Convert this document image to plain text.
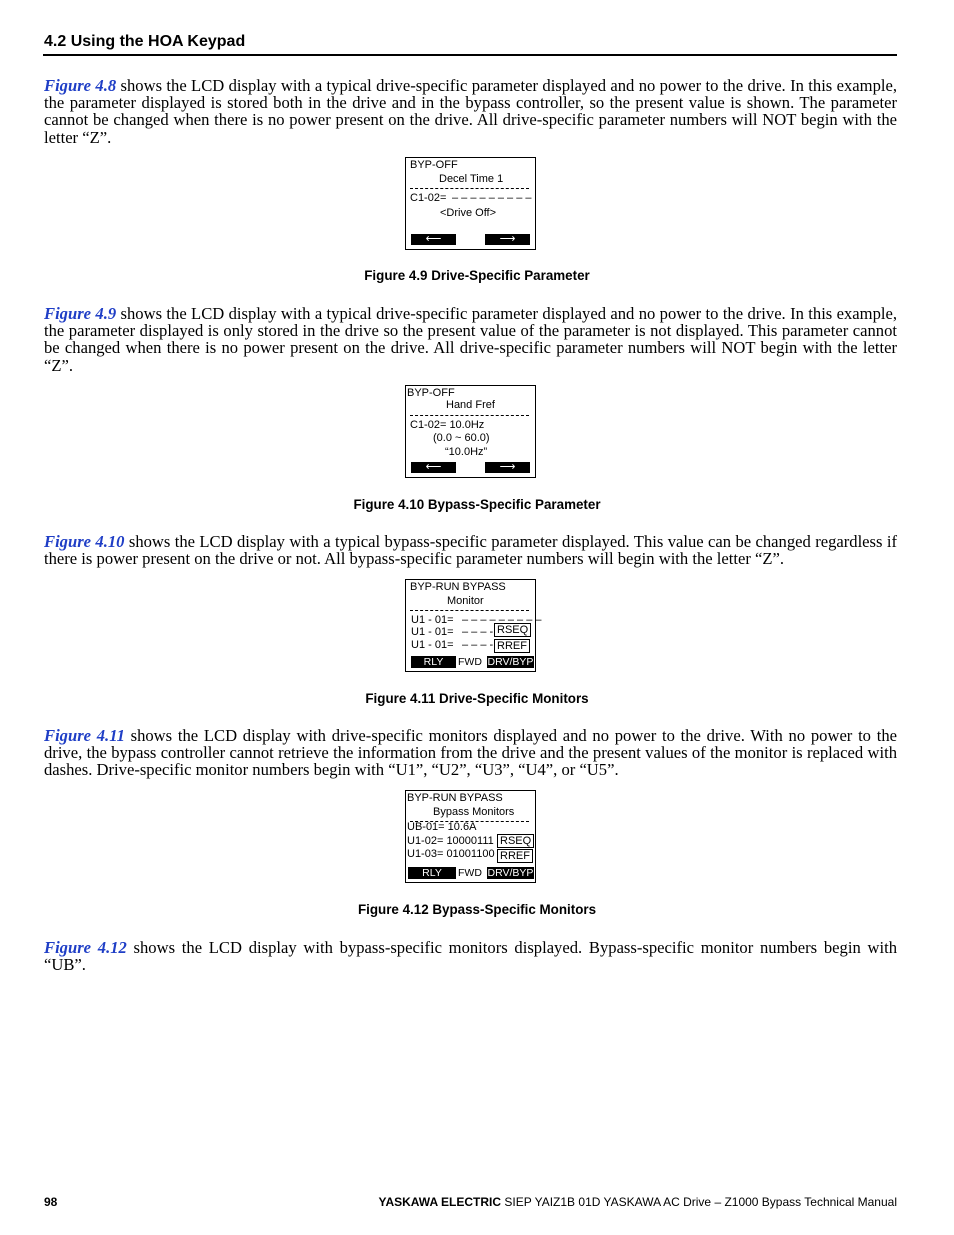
4.2 Using the HOA Keypad
Figure 4.8 shows the LCD display with a typical drive-specific parameter displayed and no power to the drive. In this example, the parameter displayed is stored both in the drive and in the bypass controller, so the present value is shown. The parameter cannot be changed when there is no power present on the drive. All drive-specific parameter numbers will NOT begin with the letter “Z”.
BYP-OFF
Decel Time 1
C1-02= – – – – – – – – –
<Drive Off>
⟵	⟶
Figure 4.9 Drive-Specific Parameter
Figure 4.9 shows the LCD display with a typical drive-specific parameter displayed and no power to the drive. In this example, the parameter displayed is only stored in the drive so the present value of the parameter is not displayed. This parameter cannot be changed when there is no power present on the drive. All drive-specific parameter numbers will NOT begin with the letter “Z”.
BYP-OFF
Hand Fref
C1-02= 10.0Hz
(0.0 ~ 60.0)
“10.0Hz”
⟵	⟶
Figure 4.10 Bypass-Specific Parameter
Figure 4.10 shows the LCD display with a typical bypass-specific parameter displayed. This value can be changed regardless if there is power present on the drive or not. All bypass-specific parameter numbers will begin with the letter “Z”.
BYP-RUN BYPASS
Monitor
U1 - 01= – – – – – – – – –
U1 - 01= – – – -
U1 - 01= – – – -
RSEQ
RREF
RLY	FWD DRV/BYP
Figure 4.11 Drive-Specific Monitors
Figure 4.11 shows the LCD display with drive-specific monitors displayed and no power to the drive. With no power to the drive, the bypass controller cannot retrieve the information from the drive and the present values of the monitor is replaced with dashes. Drive-specific monitor numbers begin with “U1”, “U2”, “U3”, “U4”, or “U5”.
BYP-RUN BYPASS
Bypass Monitors
UB-01= 10.6A
U1-02= 10000111
U1-03= 01001100
RSEQ
RREF
RLY	FWD DRV/BYP
Figure 4.12 Bypass-Specific Monitors
Figure 4.12 shows the LCD display with bypass-specific monitors displayed. Bypass-specific monitor numbers begin with “UB”.
98	YASKAWA ELECTRIC SIEP YAIZ1B 01D YASKAWA AC Drive – Z1000 Bypass Technical Manual
